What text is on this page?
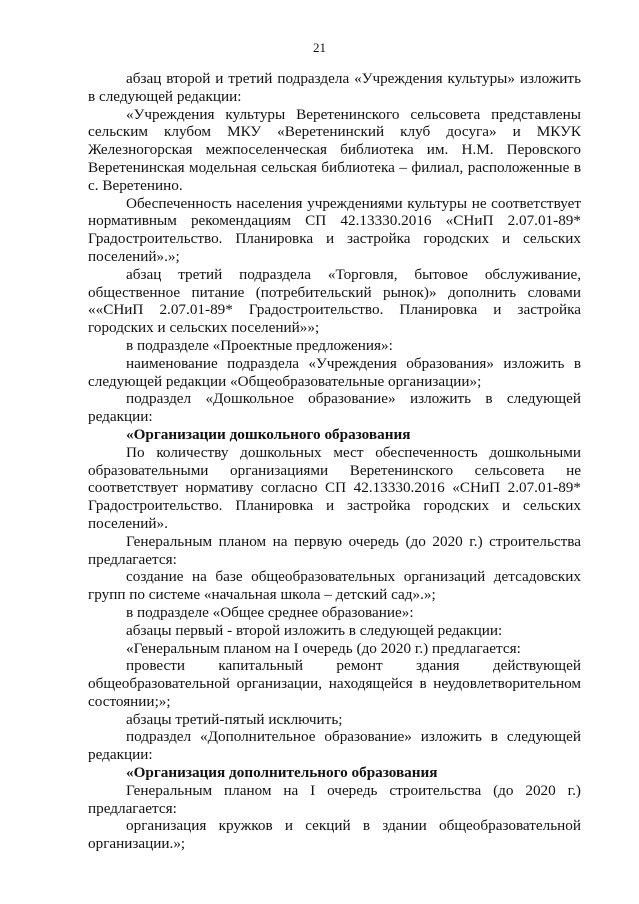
21

абзац второй и третий подраздела «Учреждения культуры» изложить в следующей редакции:

«Учреждения культуры Веретенинского сельсовета представлены сельским клубом МКУ «Веретенинский клуб досуга» и МКУК Железногорская межпоселенческая библиотека им. Н.М. Перовского Веретенинская модельная сельская библиотека – филиал, расположенные в с. Веретенино.

Обеспеченность населения учреждениями культуры не соответствует нормативным рекомендациям СП 42.13330.2016 «СНиП 2.07.01-89* Градостроительство. Планировка и застройка городских и сельских поселений».»;

абзац третий подраздела «Торговля, бытовое обслуживание, общественное питание (потребительский рынок)» дополнить словами ««СНиП 2.07.01-89* Градостроительство. Планировка и застройка городских и сельских поселений»»;

в подразделе «Проектные предложения»:

наименование подраздела «Учреждения образования» изложить в следующей редакции «Общеобразовательные организации»;

подраздел «Дошкольное образование» изложить в следующей редакции:

«Организации дошкольного образования

По количеству дошкольных мест обеспеченность дошкольными образовательными организациями Веретенинского сельсовета не соответствует нормативу согласно СП 42.13330.2016 «СНиП 2.07.01-89* Градостроительство. Планировка и застройка городских и сельских поселений».

Генеральным планом на первую очередь (до 2020 г.) строительства предлагается:

создание на базе общеобразовательных организаций детсадовских групп по системе «начальная школа – детский сад».»;

в подразделе «Общее среднее образование»:

абзацы первый - второй изложить в следующей редакции:

«Генеральным планом на I очередь (до 2020 г.) предлагается:

провести капитальный ремонт здания действующей общеобразовательной организации, находящейся в неудовлетворительном состоянии;»;

абзацы третий-пятый исключить;

подраздел «Дополнительное образование» изложить в следующей редакции:

«Организация дополнительного образования

Генеральным планом на I очередь строительства (до 2020 г.) предлагается:

организация кружков и секций в здании общеобразовательной организации.»;
